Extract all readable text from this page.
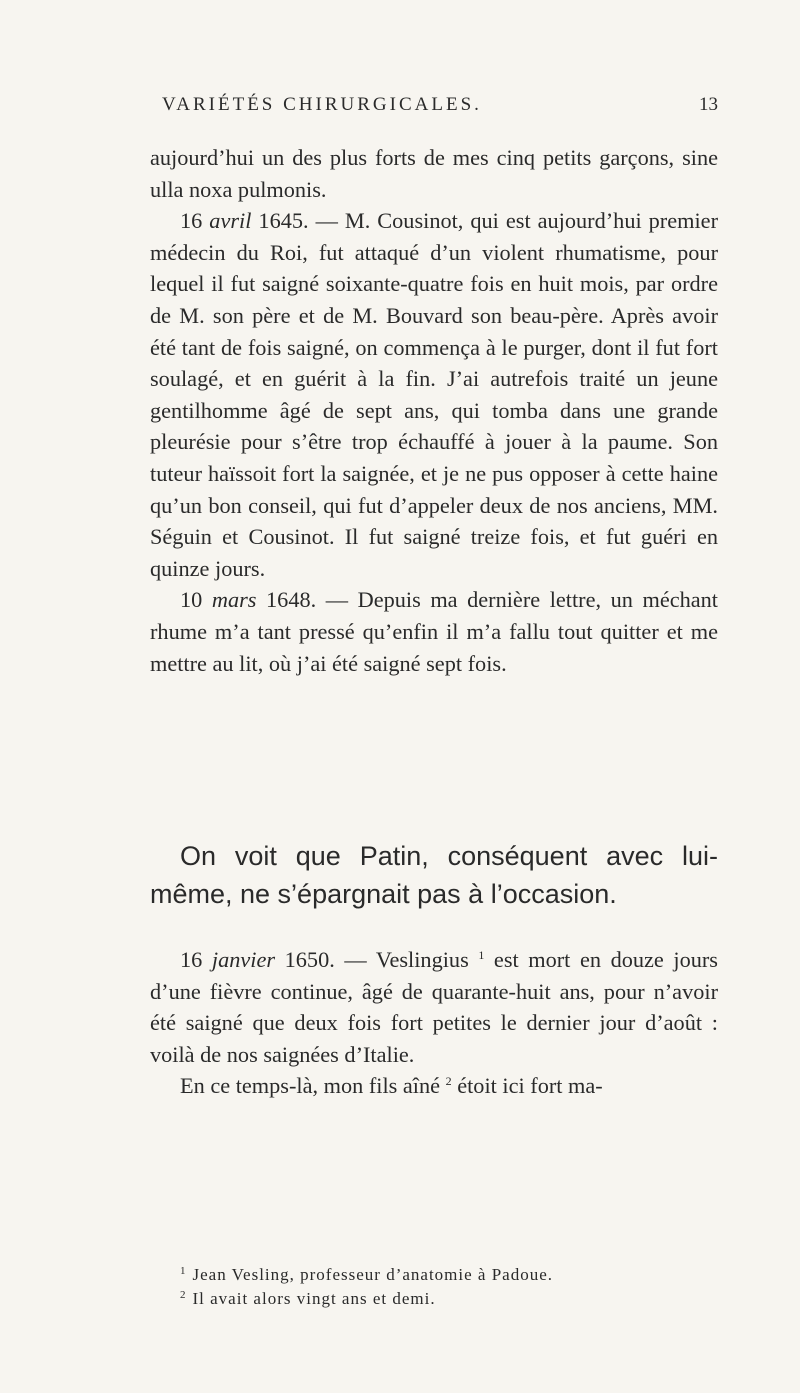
VARIÉTÉS CHIRURGICALES.	13

aujourd’hui un des plus forts de mes cinq petits garçons, sine ulla noxa pulmonis.

16 avril 1645. — M. Cousinot, qui est aujourd’hui premier médecin du Roi, fut attaqué d’un violent rhumatisme, pour lequel il fut saigné soixante-quatre fois en huit mois, par ordre de M. son père et de M. Bouvard son beau-père. Après avoir été tant de fois saigné, on commença à le purger, dont il fut fort soulagé, et en guérit à la fin. J’ai autrefois traité un jeune gentilhomme âgé de sept ans, qui tomba dans une grande pleurésie pour s’être trop échauffé à jouer à la paume. Son tuteur haïssoit fort la saignée, et je ne pus opposer à cette haine qu’un bon conseil, qui fut d’appeler deux de nos anciens, MM. Séguin et Cousinot. Il fut saigné treize fois, et fut guéri en quinze jours.

10 mars 1648. — Depuis ma dernière lettre, un méchant rhume m’a tant pressé qu’enfin il m’a fallu tout quitter et me mettre au lit, où j’ai été saigné sept fois.

On voit que Patin, conséquent avec lui-même, ne s’épargnait pas à l’occasion.

16 janvier 1650. — Veslingius $^1$ est mort en douze jours d’une fièvre continue, âgé de quarante-huit ans, pour n’avoir été saigné que deux fois fort petites le dernier jour d’août : voilà de nos saignées d’Italie.

En ce temps-là, mon fils aîné $^2$ étoit ici fort ma-

$^1$ Jean Vesling, professeur d’anatomie à Padoue.

$^2$ Il avait alors vingt ans et demi.
